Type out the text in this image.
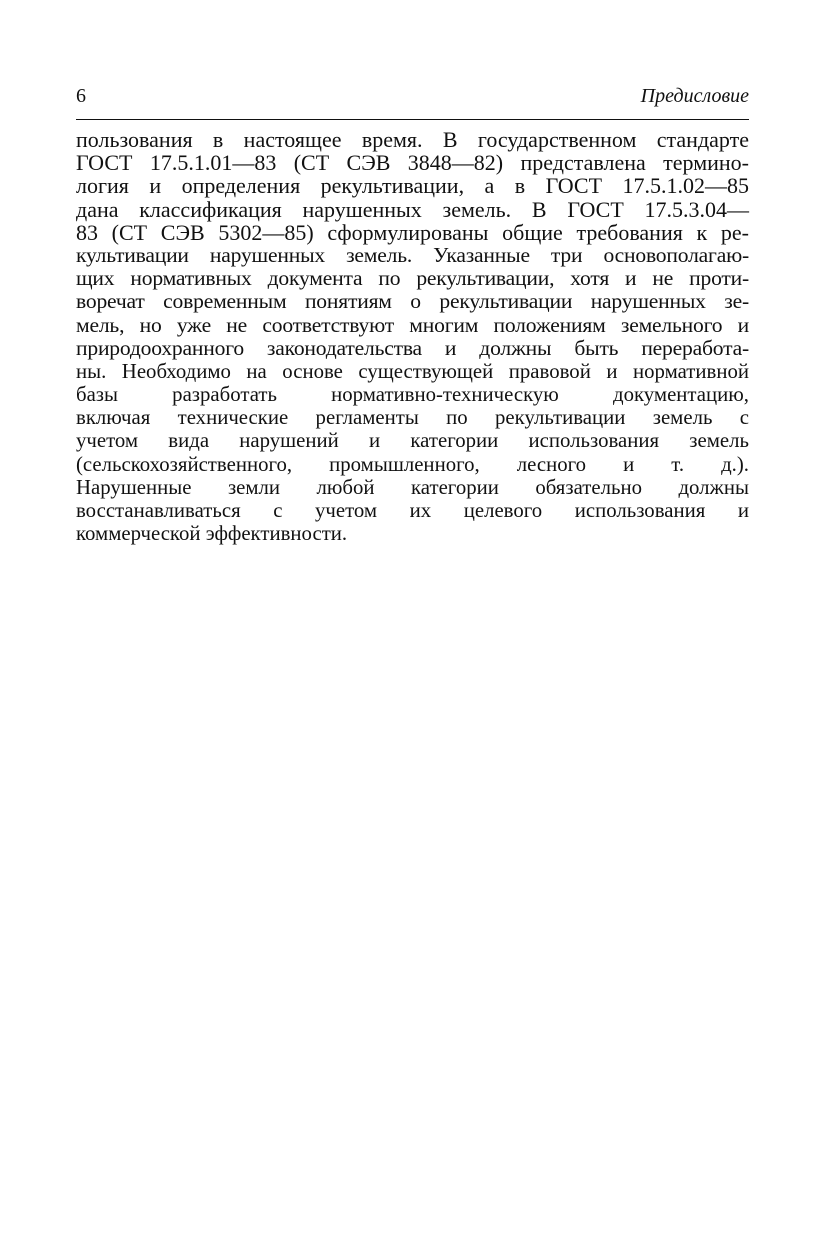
6	Предисловие
пользования в настоящее время. В государственном стандарте
ГОСТ 17.5.1.01—83 (СТ СЭВ 3848—82) представлена термино-
логия и определения рекультивации, а в ГОСТ 17.5.1.02—85
дана классификация нарушенных земель. В ГОСТ 17.5.3.04—
83 (СТ СЭВ 5302—85) сформулированы общие требования к ре-
культивации нарушенных земель. Указанные три основополагаю-
щих нормативных документа по рекультивации, хотя и не проти-
воречат современным понятиям о рекультивации нарушенных зе-
мель, но уже не соответствуют многим положениям земельного и
природоохранного законодательства и должны быть переработа-
ны. Необходимо на основе существующей правовой и нормативной
базы разработать нормативно-техническую документацию,
включая технические регламенты по рекультивации земель с
учетом вида нарушений и категории использования земель
(сельскохозяйственного, промышленного, лесного и т. д.).
Нарушенные земли любой категории обязательно должны
восстанавливаться с учетом их целевого использования и
коммерческой эффективности.
